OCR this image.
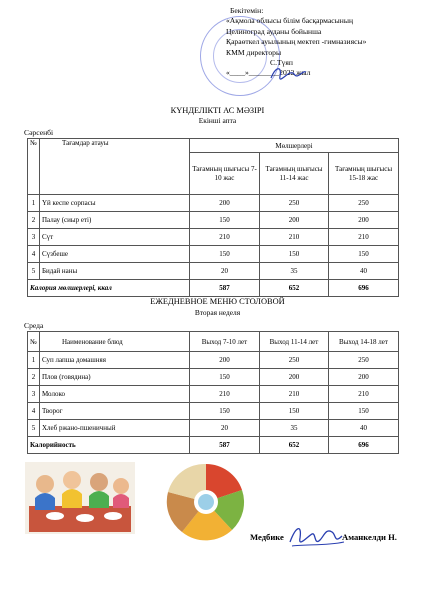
Бекітемін:
«Ақмола облысы білім басқармасының
Целиноград ауданы бойынша
Қараөткел ауылының мектеп -гимназиясы»
КММ директоры
С.Түяп
«____»________2022 жыл
КҮНДЕЛІКТІ АС МӘЗІРІ
Екінші апта
Сәрсенбі
№	Тағамдар атауы	Мөлшерлері		
		Тағамның шығысы 7-10 жас	Тағамның шығысы 11-14 жас	Тағамның шығысы 15-18 жас
1	Үй кеспе сорпасы	200	250	250
2	Палау (сиыр еті)	150	200	200
3	Сүт	210	210	210
4	Сүзбеше	150	150	150
5	Бидай наны	20	35	40
Калория мөлшерлері, ккал		587	652	696
ЕЖЕДНЕВНОЕ МЕНЮ СТОЛОВОЙ
Вторая неделя
Среда
№	Наименование блюд	Выход 7-10 лет	Выход 11-14 лет	Выход 14-18 лет
1	Суп лапша домашняя	200	250	250
2	Плов (говядина)	150	200	200
3	Молоко	210	210	210
4	Творог	150	150	150
5	Хлеб ржано-пшеничный	20	35	40
Калорийность		587	652	696
Медбике	Аманкелди Н.
